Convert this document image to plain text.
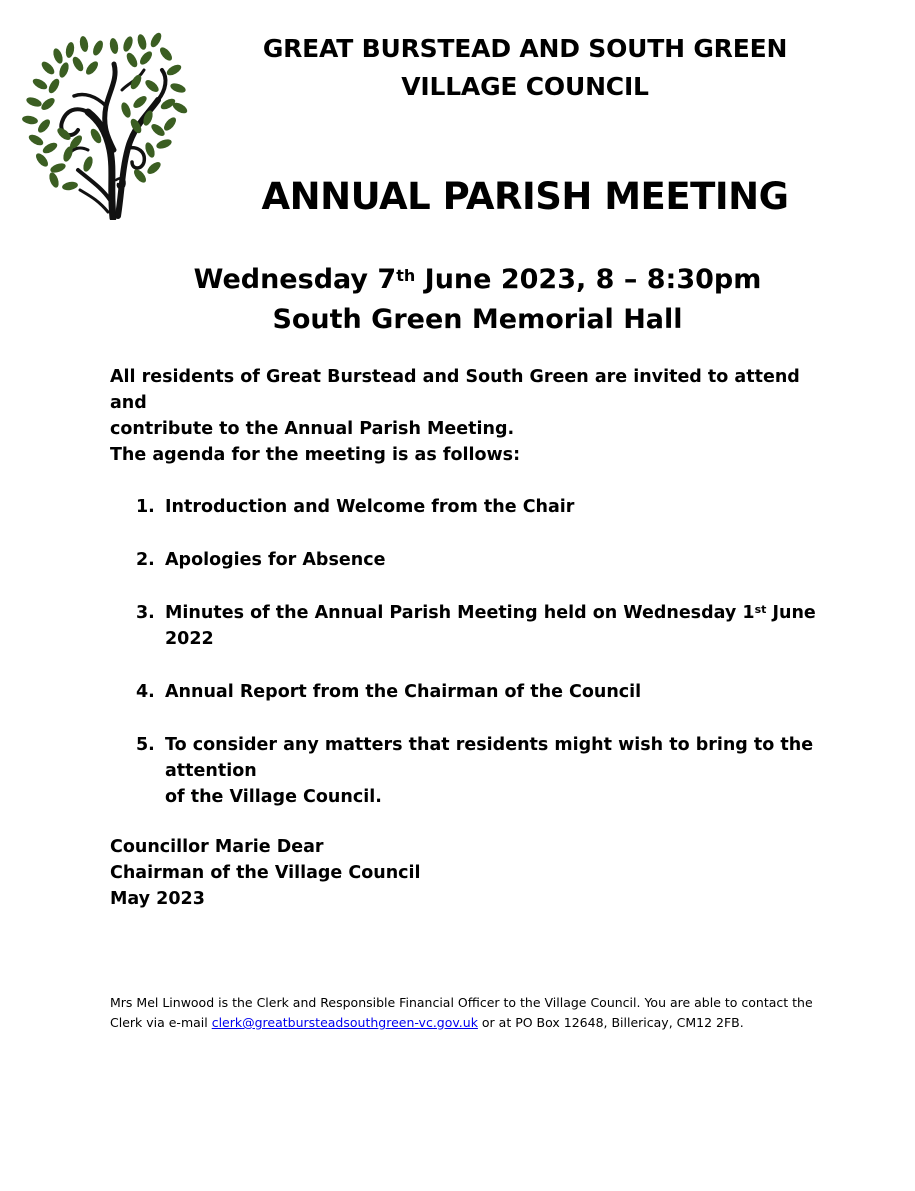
GREAT BURSTEAD AND SOUTH GREEN
VILLAGE COUNCIL
ANNUAL PARISH MEETING
Wednesday 7th June 2023, 8 – 8:30pm
South Green Memorial Hall
All residents of Great Burstead and South Green are invited to attend and
contribute to the Annual Parish Meeting.
The agenda for the meeting is as follows:
1. Introduction and Welcome from the Chair
2. Apologies for Absence
3. Minutes of the Annual Parish Meeting held on Wednesday 1st June 2022
4. Annual Report from the Chairman of the Council
5. To consider any matters that residents might wish to bring to the attention
of the Village Council.
Councillor Marie Dear
Chairman of the Village Council
May 2023
Mrs Mel Linwood is the Clerk and Responsible Financial Officer to the Village Council. You are able to contact the
Clerk via e-mail clerk@greatbursteadsouthgreen-vc.gov.uk or at PO Box 12648, Billericay, CM12 2FB.
